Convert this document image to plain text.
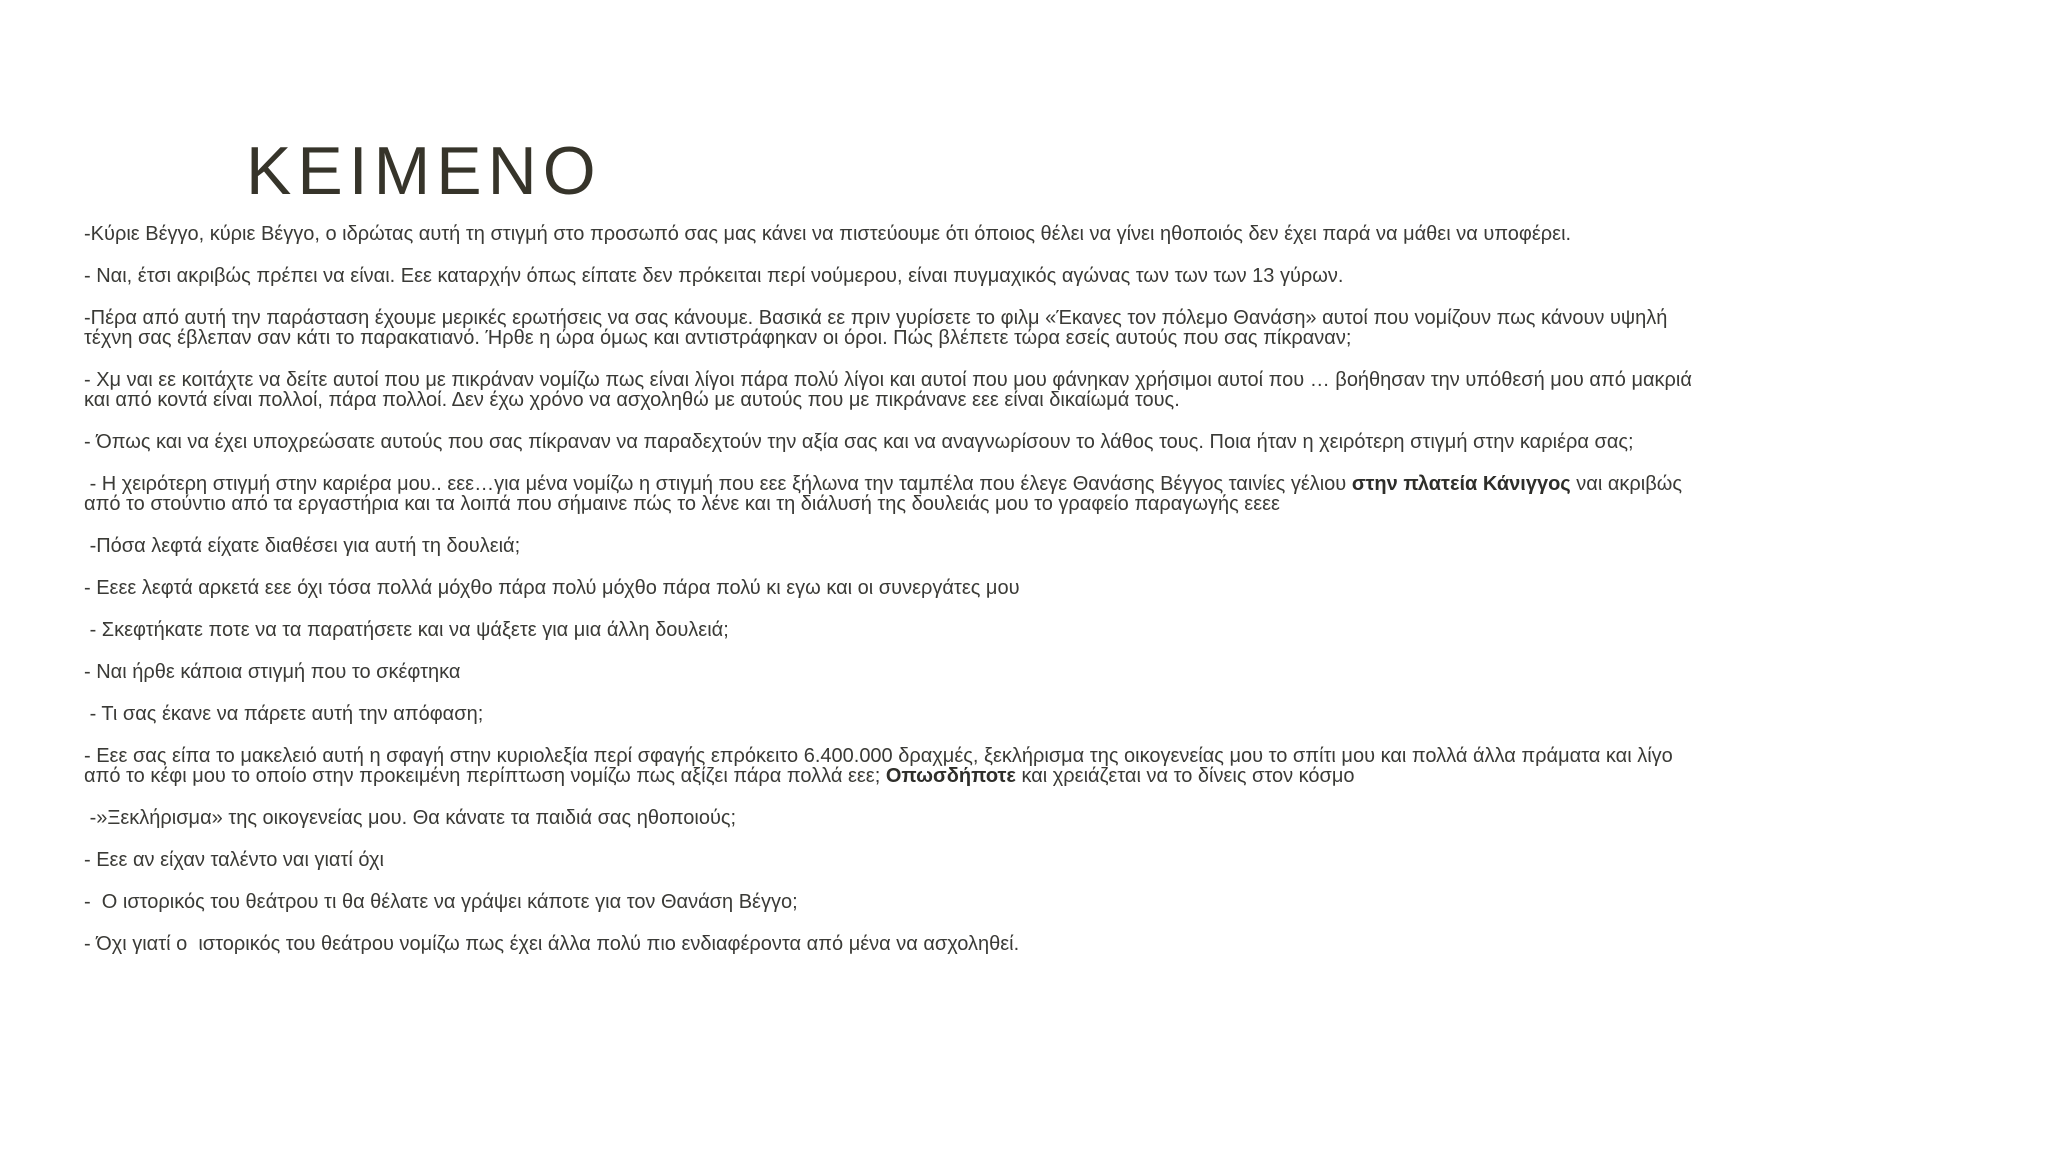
ΚΕΙΜΕΝΟ

-Κύριε Βέγγο, κύριε Βέγγο, ο ιδρώτας αυτή τη στιγμή στο προσωπό σας μας κάνει να πιστεύουμε ότι όποιος θέλει να γίνει ηθοποιός δεν έχει παρά να μάθει να υποφέρει.

- Ναι, έτσι ακριβώς πρέπει να είναι. Εεε καταρχήν όπως είπατε δεν πρόκειται περί νούμερου, είναι πυγμαχικός αγώνας των των των 13 γύρων.

-Πέρα από αυτή την παράσταση έχουμε μερικές ερωτήσεις να σας κάνουμε. Βασικά εε πριν γυρίσετε το φιλμ «Έκανες τον πόλεμο Θανάση» αυτοί που νομίζουν πως κάνουν υψηλή
τέχνη σας έβλεπαν σαν κάτι το παρακατιανό. Ήρθε η ώρα όμως και αντιστράφηκαν οι όροι. Πώς βλέπετε τώρα εσείς αυτούς που σας πίκραναν;

- Χμ ναι εε κοιτάχτε να δείτε αυτοί που με πικράναν νομίζω πως είναι λίγοι πάρα πολύ λίγοι και αυτοί που μου φάνηκαν χρήσιμοι αυτοί που … βοήθησαν την υπόθεσή μου από μακριά
και από κοντά είναι πολλοί, πάρα πολλοί. Δεν έχω χρόνο να ασχοληθώ με αυτούς που με πικράνανε εεε είναι δικαίωμά τους.

- Όπως και να έχει υποχρεώσατε αυτούς που σας πίκραναν να παραδεχτούν την αξία σας και να αναγνωρίσουν το λάθος τους. Ποια ήταν η χειρότερη στιγμή στην καριέρα σας;

- Η χειρότερη στιγμή στην καριέρα μου.. εεε…για μένα νομίζω η στιγμή που εεε ξήλωνα την ταμπέλα που έλεγε Θανάσης Βέγγος ταινίες γέλιου στην πλατεία Κάνιγγος ναι ακριβώς
από το στούντιο από τα εργαστήρια και τα λοιπά που σήμαινε πώς το λένε και τη διάλυσή της δουλειάς μου το γραφείο παραγωγής εεεε

-Πόσα λεφτά είχατε διαθέσει για αυτή τη δουλειά;

- Εεεε λεφτά αρκετά εεε όχι τόσα πολλά μόχθο πάρα πολύ μόχθο πάρα πολύ κι εγω και οι συνεργάτες μου

- Σκεφτήκατε ποτε να τα παρατήσετε και να ψάξετε για μια άλλη δουλειά;

- Ναι ήρθε κάποια στιγμή που το σκέφτηκα

- Τι σας έκανε να πάρετε αυτή την απόφαση;

- Εεε σας είπα το μακελειό αυτή η σφαγή στην κυριολεξία περί σφαγής επρόκειτο 6.400.000 δραχμές, ξεκλήρισμα της οικογενείας μου το σπίτι μου και πολλά άλλα πράματα και λίγο
από το κέφι μου το οποίο στην προκειμένη περίπτωση νομίζω πως αξίζει πάρα πολλά εεε; Οπωσδήποτε και χρειάζεται να το δίνεις στον κόσμο

-»Ξεκλήρισμα» της οικογενείας μου. Θα κάνατε τα παιδιά σας ηθοποιούς;

- Εεε αν είχαν ταλέντο ναι γιατί όχι

-  Ο ιστορικός του θεάτρου τι θα θέλατε να γράψει κάποτε για τον Θανάση Βέγγο;

- Όχι γιατί ο  ιστορικός του θεάτρου νομίζω πως έχει άλλα πολύ πιο ενδιαφέροντα από μένα να ασχοληθεί.
